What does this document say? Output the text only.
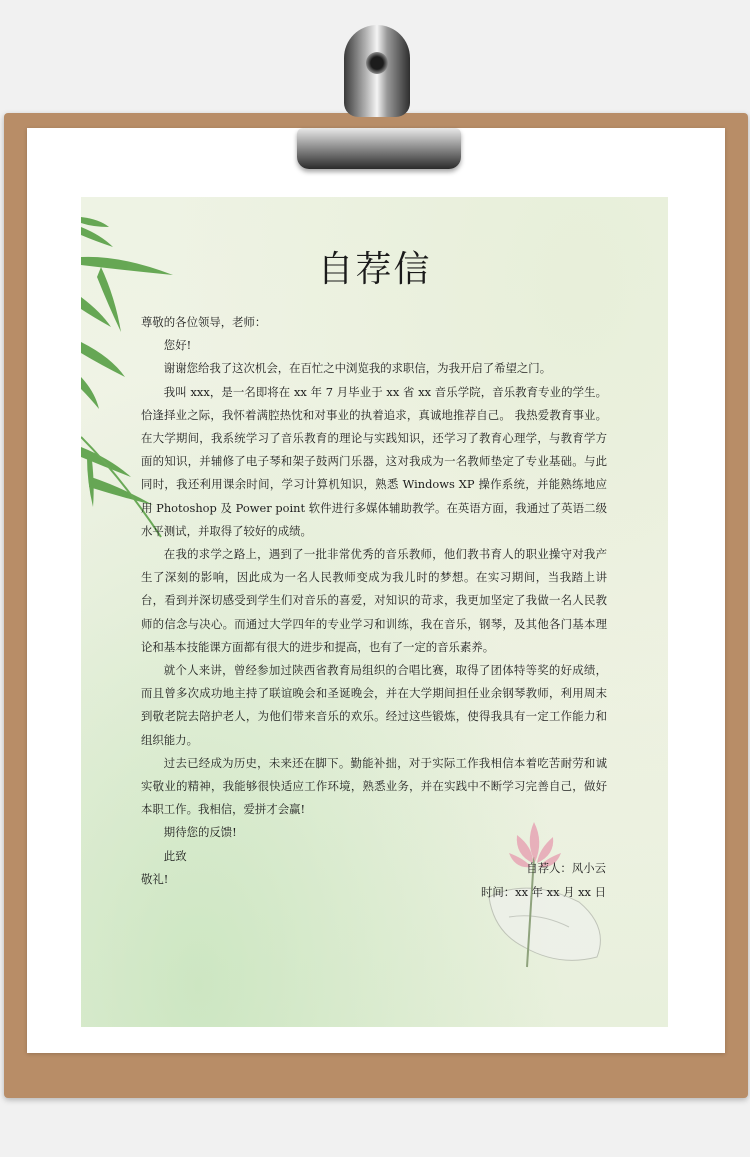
自荐信

尊敬的各位领导，老师：

您好!

谢谢您给我了这次机会，在百忙之中浏览我的求职信，为我开启了希望之门。

我叫 xxx，是一名即将在 xx 年 7 月毕业于 xx 省 xx 音乐学院，音乐教育专业的学生。恰逢择业之际，我怀着满腔热忱和对事业的执着追求，真诚地推荐自己。 我热爱教育事业。在大学期间，我系统学习了音乐教育的理论与实践知识，还学习了教育心理学，与教育学方面的知识，并辅修了电子琴和架子鼓两门乐器，这对我成为一名教师垫定了专业基础。与此同时，我还利用课余时间，学习计算机知识，熟悉 Windows XP 操作系统，并能熟练地应用 Photoshop 及 Power point 软件进行多媒体辅助教学。在英语方面，我通过了英语二级水平测试，并取得了较好的成绩。

在我的求学之路上，遇到了一批非常优秀的音乐教师，他们教书育人的职业操守对我产生了深刻的影响，因此成为一名人民教师变成为我儿时的梦想。在实习期间，当我踏上讲台，看到并深切感受到学生们对音乐的喜爱，对知识的苛求，我更加坚定了我做一名人民教师的信念与决心。而通过大学四年的专业学习和训练，我在音乐，钢琴，及其他各门基本理论和基本技能课方面都有很大的进步和提高，也有了一定的音乐素养。

就个人来讲，曾经参加过陕西省教育局组织的合唱比赛，取得了团体特等奖的好成绩，而且曾多次成功地主持了联谊晚会和圣诞晚会，并在大学期间担任业余钢琴教师，利用周末到敬老院去陪护老人，为他们带来音乐的欢乐。经过这些锻炼，使得我具有一定工作能力和组织能力。

过去已经成为历史，未来还在脚下。勤能补拙，对于实际工作我相信本着吃苦耐劳和诚实敬业的精神，我能够很快适应工作环境，熟悉业务，并在实践中不断学习完善自己，做好本职工作。我相信，爱拼才会赢!

期待您的反馈!

此致

敬礼!

自荐人：风小云
时间：xx 年 xx 月 xx 日
